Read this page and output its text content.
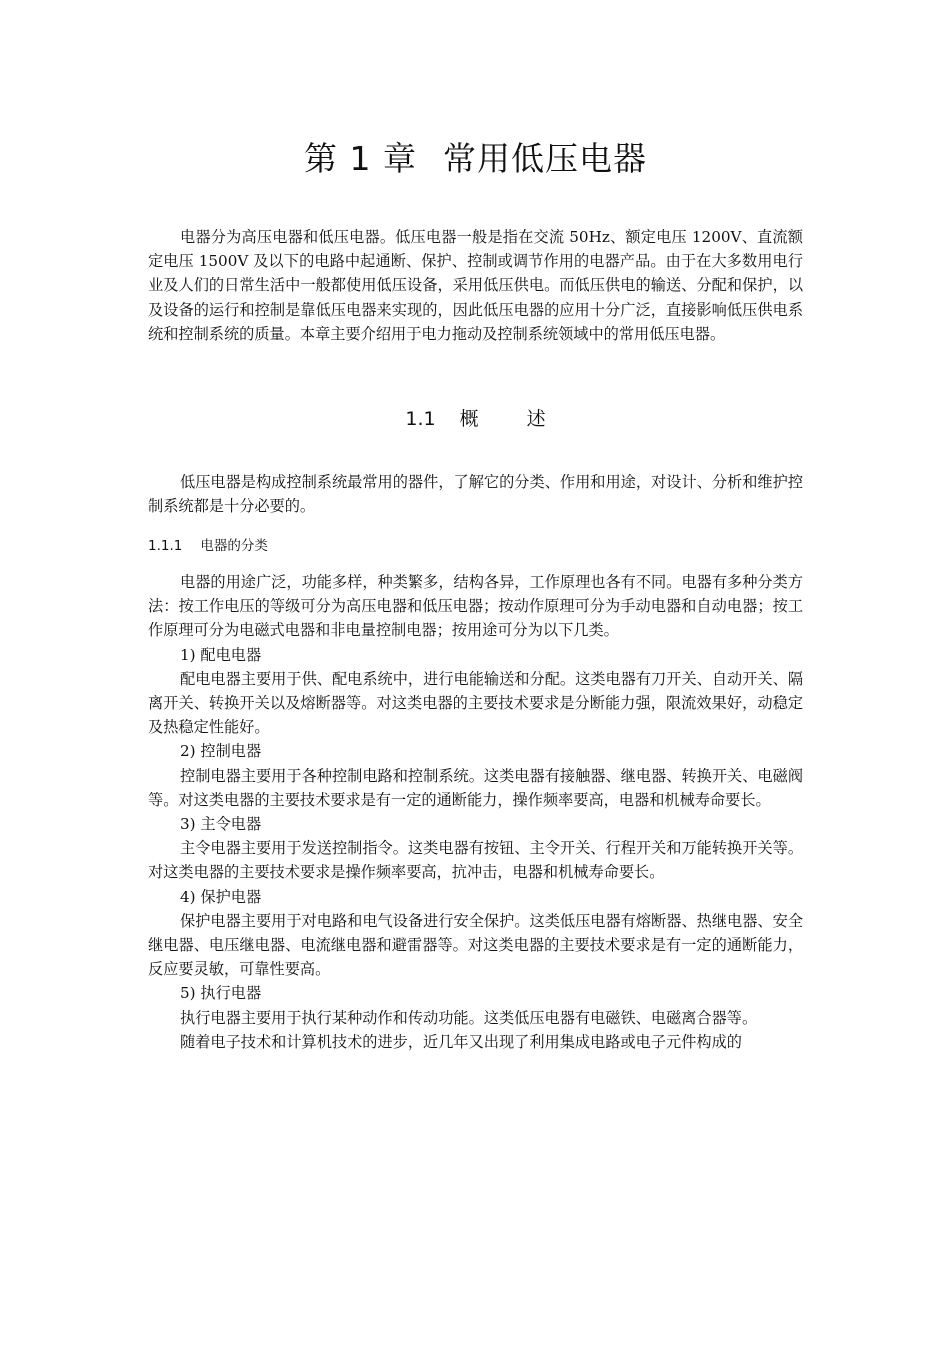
第 1 章 常用低压电器

电器分为高压电器和低压电器。低压电器一般是指在交流 50Hz、额定电压 1200V、直流额定电压 1500V 及以下的电路中起通断、保护、控制或调节作用的电器产品。由于在大多数用电行业及人们的日常生活中一般都使用低压设备，采用低压供电。而低压供电的输送、分配和保护，以及设备的运行和控制是靠低压电器来实现的，因此低压电器的应用十分广泛，直接影响低压供电系统和控制系统的质量。本章主要介绍用于电力拖动及控制系统领域中的常用低压电器。

1.1 概	述

低压电器是构成控制系统最常用的器件，了解它的分类、作用和用途，对设计、分析和维护控制系统都是十分必要的。

1.1.1 电器的分类

电器的用途广泛，功能多样，种类繁多，结构各异，工作原理也各有不同。电器有多种分类方法：按工作电压的等级可分为高压电器和低压电器；按动作原理可分为手动电器和自动电器；按工作原理可分为电磁式电器和非电量控制电器；按用途可分为以下几类。

1) 配电电器

配电电器主要用于供、配电系统中，进行电能输送和分配。这类电器有刀开关、自动开关、隔离开关、转换开关以及熔断器等。对这类电器的主要技术要求是分断能力强，限流效果好，动稳定及热稳定性能好。

2) 控制电器

控制电器主要用于各种控制电路和控制系统。这类电器有接触器、继电器、转换开关、电磁阀等。对这类电器的主要技术要求是有一定的通断能力，操作频率要高，电器和机械寿命要长。

3) 主令电器

主令电器主要用于发送控制指令。这类电器有按钮、主令开关、行程开关和万能转换开关等。对这类电器的主要技术要求是操作频率要高，抗冲击，电器和机械寿命要长。

4) 保护电器

保护电器主要用于对电路和电气设备进行安全保护。这类低压电器有熔断器、热继电器、安全继电器、电压继电器、电流继电器和避雷器等。对这类电器的主要技术要求是有一定的通断能力，反应要灵敏，可靠性要高。

5) 执行电器

执行电器主要用于执行某种动作和传动功能。这类低压电器有电磁铁、电磁离合器等。

随着电子技术和计算机技术的进步，近几年又出现了利用集成电路或电子元件构成的
